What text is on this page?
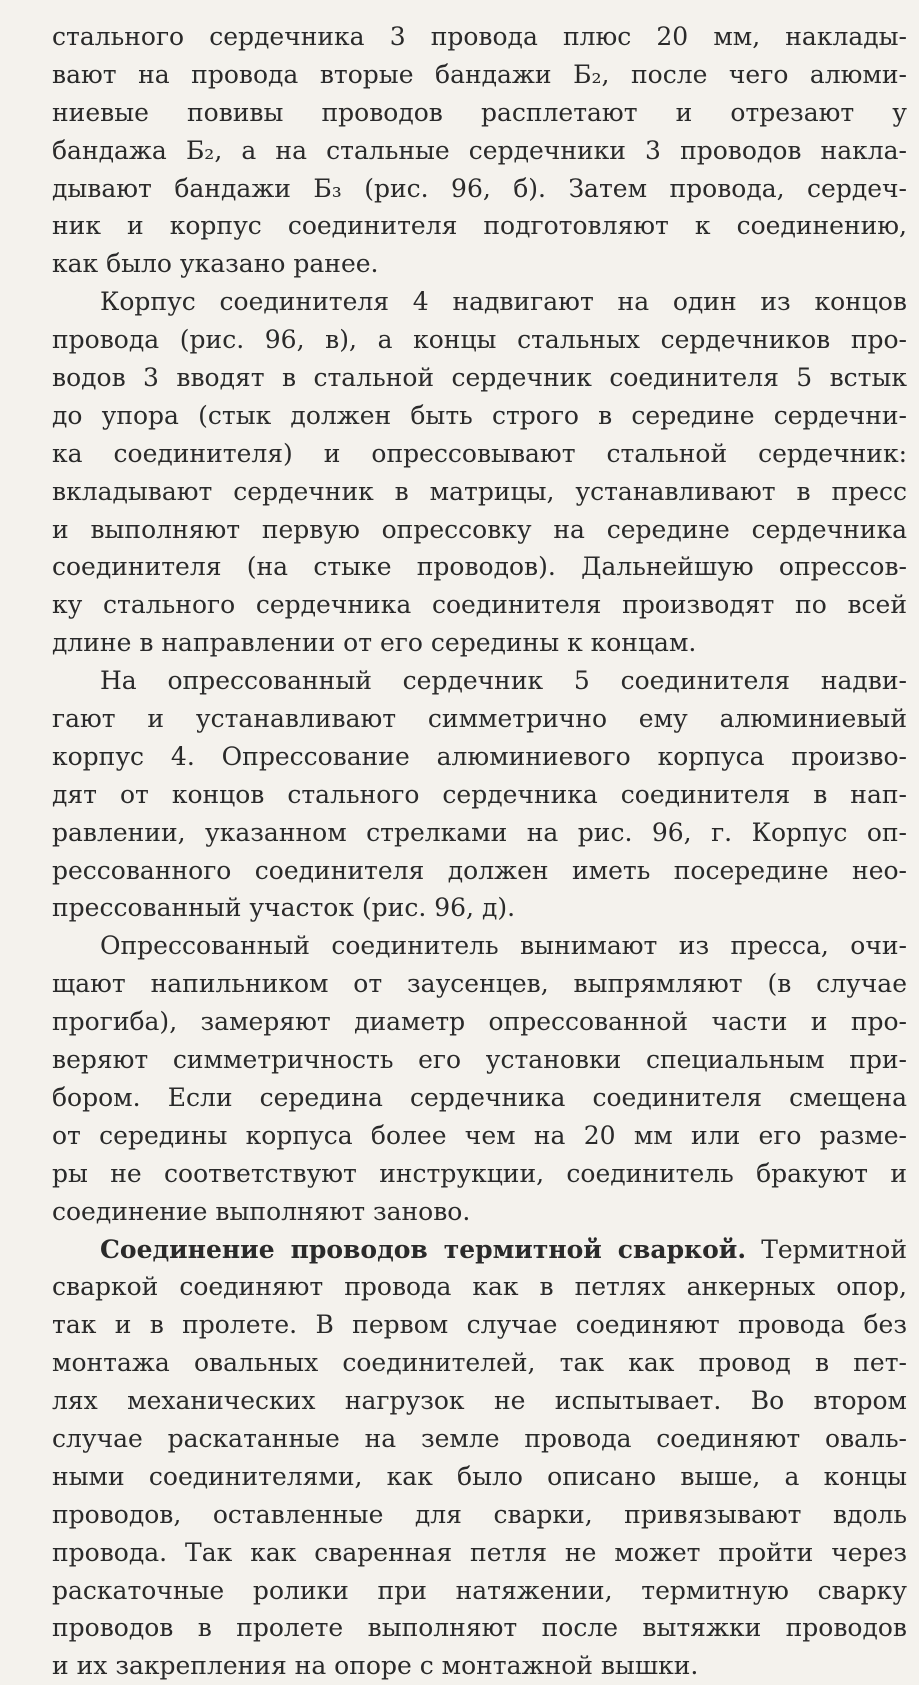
стального сердечника 3 провода плюс 20 мм, наклады-
вают на провода вторые бандажи Б₂, после чего алюми-
ниевые повивы проводов расплетают и отрезают у
бандажа Б₂, а на стальные сердечники 3 проводов накла-
дывают бандажи Б₃ (рис. 96, б). Затем провода, сердеч-
ник и корпус соединителя подготовляют к соединению,
как было указано ранее.
Корпус соединителя 4 надвигают на один из концов
провода (рис. 96, в), а концы стальных сердечников про-
водов 3 вводят в стальной сердечник соединителя 5 встык
до упора (стык должен быть строго в середине сердечни-
ка соединителя) и опрессовывают стальной сердечник:
вкладывают сердечник в матрицы, устанавливают в пресс
и выполняют первую опрессовку на середине сердечника
соединителя (на стыке проводов). Дальнейшую опрессов-
ку стального сердечника соединителя производят по всей
длине в направлении от его середины к концам.
На опрессованный сердечник 5 соединителя надви-
гают и устанавливают симметрично ему алюминиевый
корпус 4. Опрессование алюминиевого корпуса произво-
дят от концов стального сердечника соединителя в нап-
равлении, указанном стрелками на рис. 96, г. Корпус оп-
рессованного соединителя должен иметь посередине нео-
прессованный участок (рис. 96, д).
Опрессованный соединитель вынимают из пресса, очи-
щают напильником от заусенцев, выпрямляют (в случае
прогиба), замеряют диаметр опрессованной части и про-
веряют симметричность его установки специальным при-
бором. Если середина сердечника соединителя смещена
от середины корпуса более чем на 20 мм или его разме-
ры не соответствуют инструкции, соединитель бракуют и
соединение выполняют заново.
Соединение проводов термитной сваркой. Термитной
сваркой соединяют провода как в петлях анкерных опор,
так и в пролете. В первом случае соединяют провода без
монтажа овальных соединителей, так как провод в пет-
лях механических нагрузок не испытывает. Во втором
случае раскатанные на земле провода соединяют оваль-
ными соединителями, как было описано выше, а концы
проводов, оставленные для сварки, привязывают вдоль
провода. Так как сваренная петля не может пройти через
раскаточные ролики при натяжении, термитную сварку
проводов в пролете выполняют после вытяжки проводов
и их закрепления на опоре с монтажной вышки.
